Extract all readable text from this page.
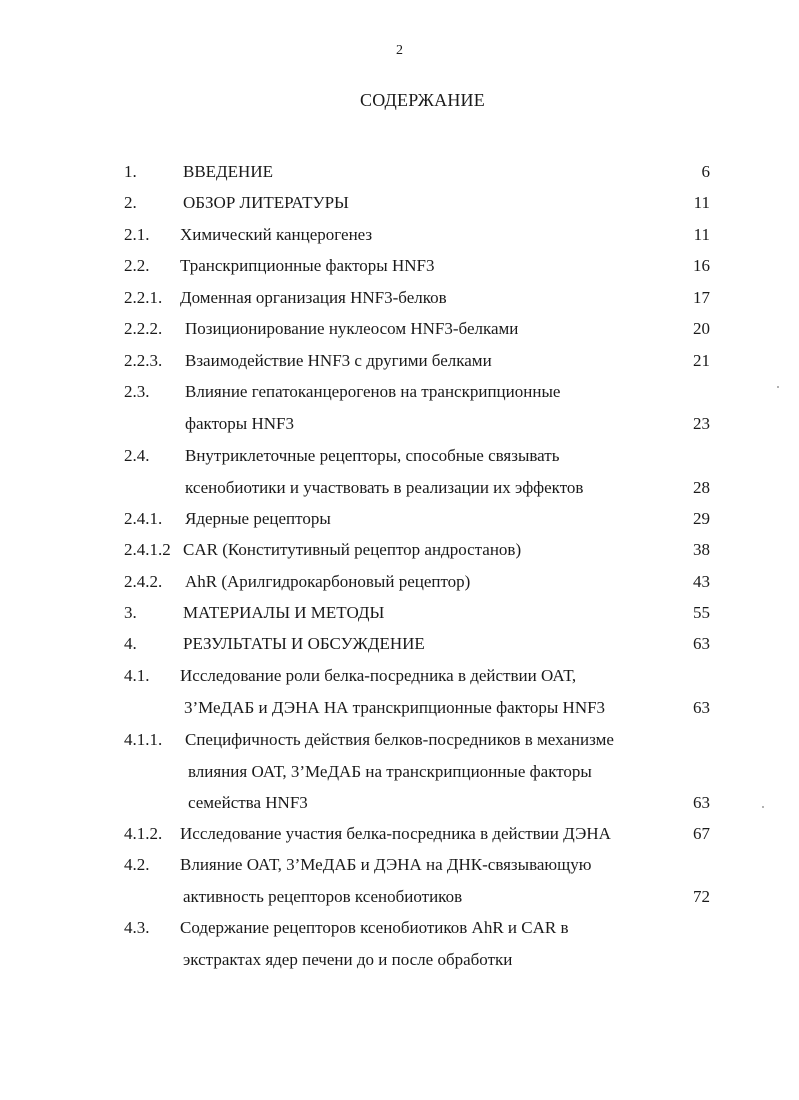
2
СОДЕРЖАНИЕ
1.	ВВЕДЕНИЕ	6
2.	ОБЗОР ЛИТЕРАТУРЫ	11
2.1. Химический канцерогенез	11
2.2. Транскрипционные факторы HNF3	16
2.2.1. Доменная организация HNF3-белков	17
2.2.2. Позиционирование нуклеосом HNF3-белками	20
2.2.3. Взаимодействие HNF3 с другими белками	21
2.3. Влияние гепатоканцерогенов на транскрипционные
факторы HNF3	23
2.4. Внутриклеточные рецепторы, способные связывать
ксенобиотики и участвовать в реализации их эффектов	28
2.4.1. Ядерные рецепторы	29
2.4.1.2 CAR (Конститутивный рецептор андростанов)	38
2.4.2. AhR (Арилгидрокарбоновый рецептор)	43
3.	МАТЕРИАЛЫ И МЕТОДЫ	55
4.	РЕЗУЛЬТАТЫ И ОБСУЖДЕНИЕ	63
4.1. Исследование роли белка-посредника в действии ОАТ,
3’МеДАБ и ДЭНА НА транскрипционные факторы HNF3	63
4.1.1. Специфичность действия белков-посредников в механизме
влияния ОАТ, 3’МеДАБ на транскрипционные факторы
семейства HNF3	63
4.1.2. Исследование участия белка-посредника в действии ДЭНА	67
4.2. Влияние ОАТ, 3’МеДАБ и ДЭНА на ДНК-связывающую
активность рецепторов ксенобиотиков	72
4.3. Содержание рецепторов ксенобиотиков AhR и CAR в
экстрактах ядер печени до и после обработки
